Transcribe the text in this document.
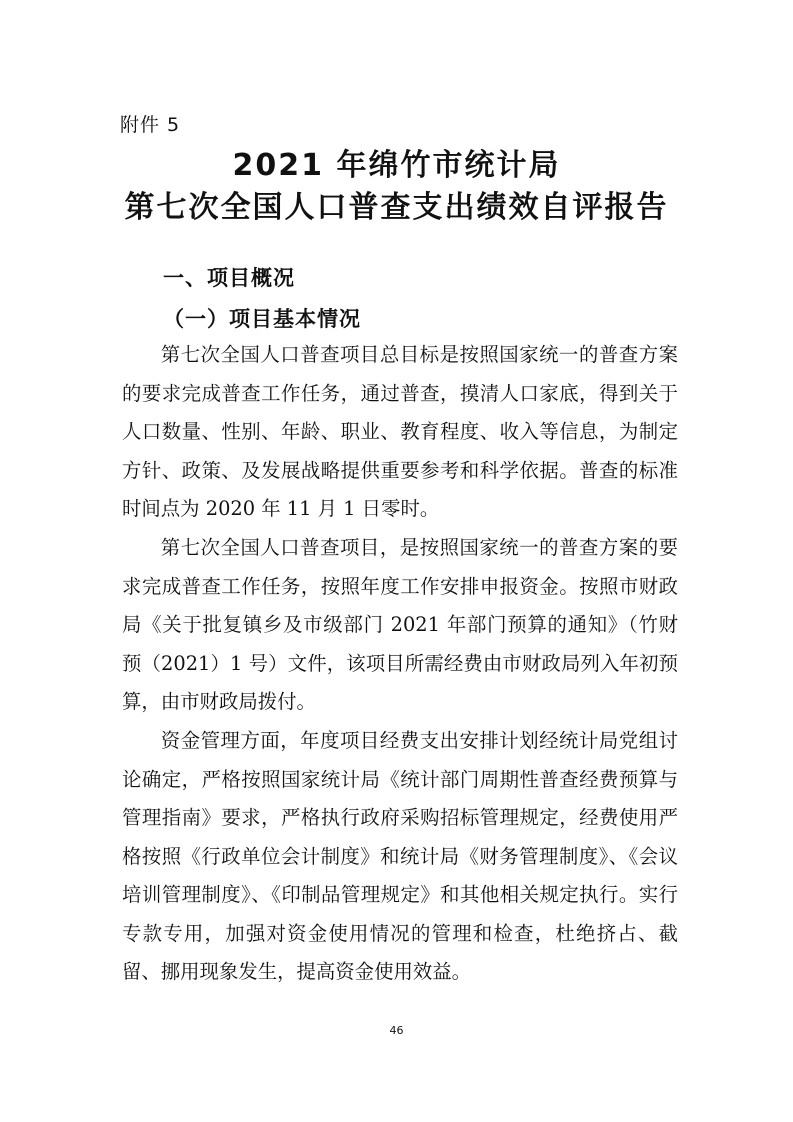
附件 5
2021 年绵竹市统计局
第七次全国人口普查支出绩效自评报告
一、项目概况
（一）项目基本情况

第七次全国人口普查项目总目标是按照国家统一的普查方案的要求完成普查工作任务，通过普查，摸清人口家底，得到关于人口数量、性别、年龄、职业、教育程度、收入等信息，为制定方针、政策、及发展战略提供重要参考和科学依据。普查的标准时间点为 2020 年 11 月 1 日零时。

第七次全国人口普查项目，是按照国家统一的普查方案的要求完成普查工作任务，按照年度工作安排申报资金。按照市财政局《关于批复镇乡及市级部门 2021 年部门预算的通知》（竹财预（2021）1 号）文件，该项目所需经费由市财政局列入年初预算，由市财政局拨付。

资金管理方面，年度项目经费支出安排计划经统计局党组讨论确定，严格按照国家统计局《统计部门周期性普查经费预算与管理指南》要求，严格执行政府采购招标管理规定，经费使用严格按照《行政单位会计制度》和统计局《财务管理制度》、《会议培训管理制度》、《印制品管理规定》和其他相关规定执行。实行专款专用，加强对资金使用情况的管理和检查，杜绝挤占、截留、挪用现象发生，提高资金使用效益。

46
